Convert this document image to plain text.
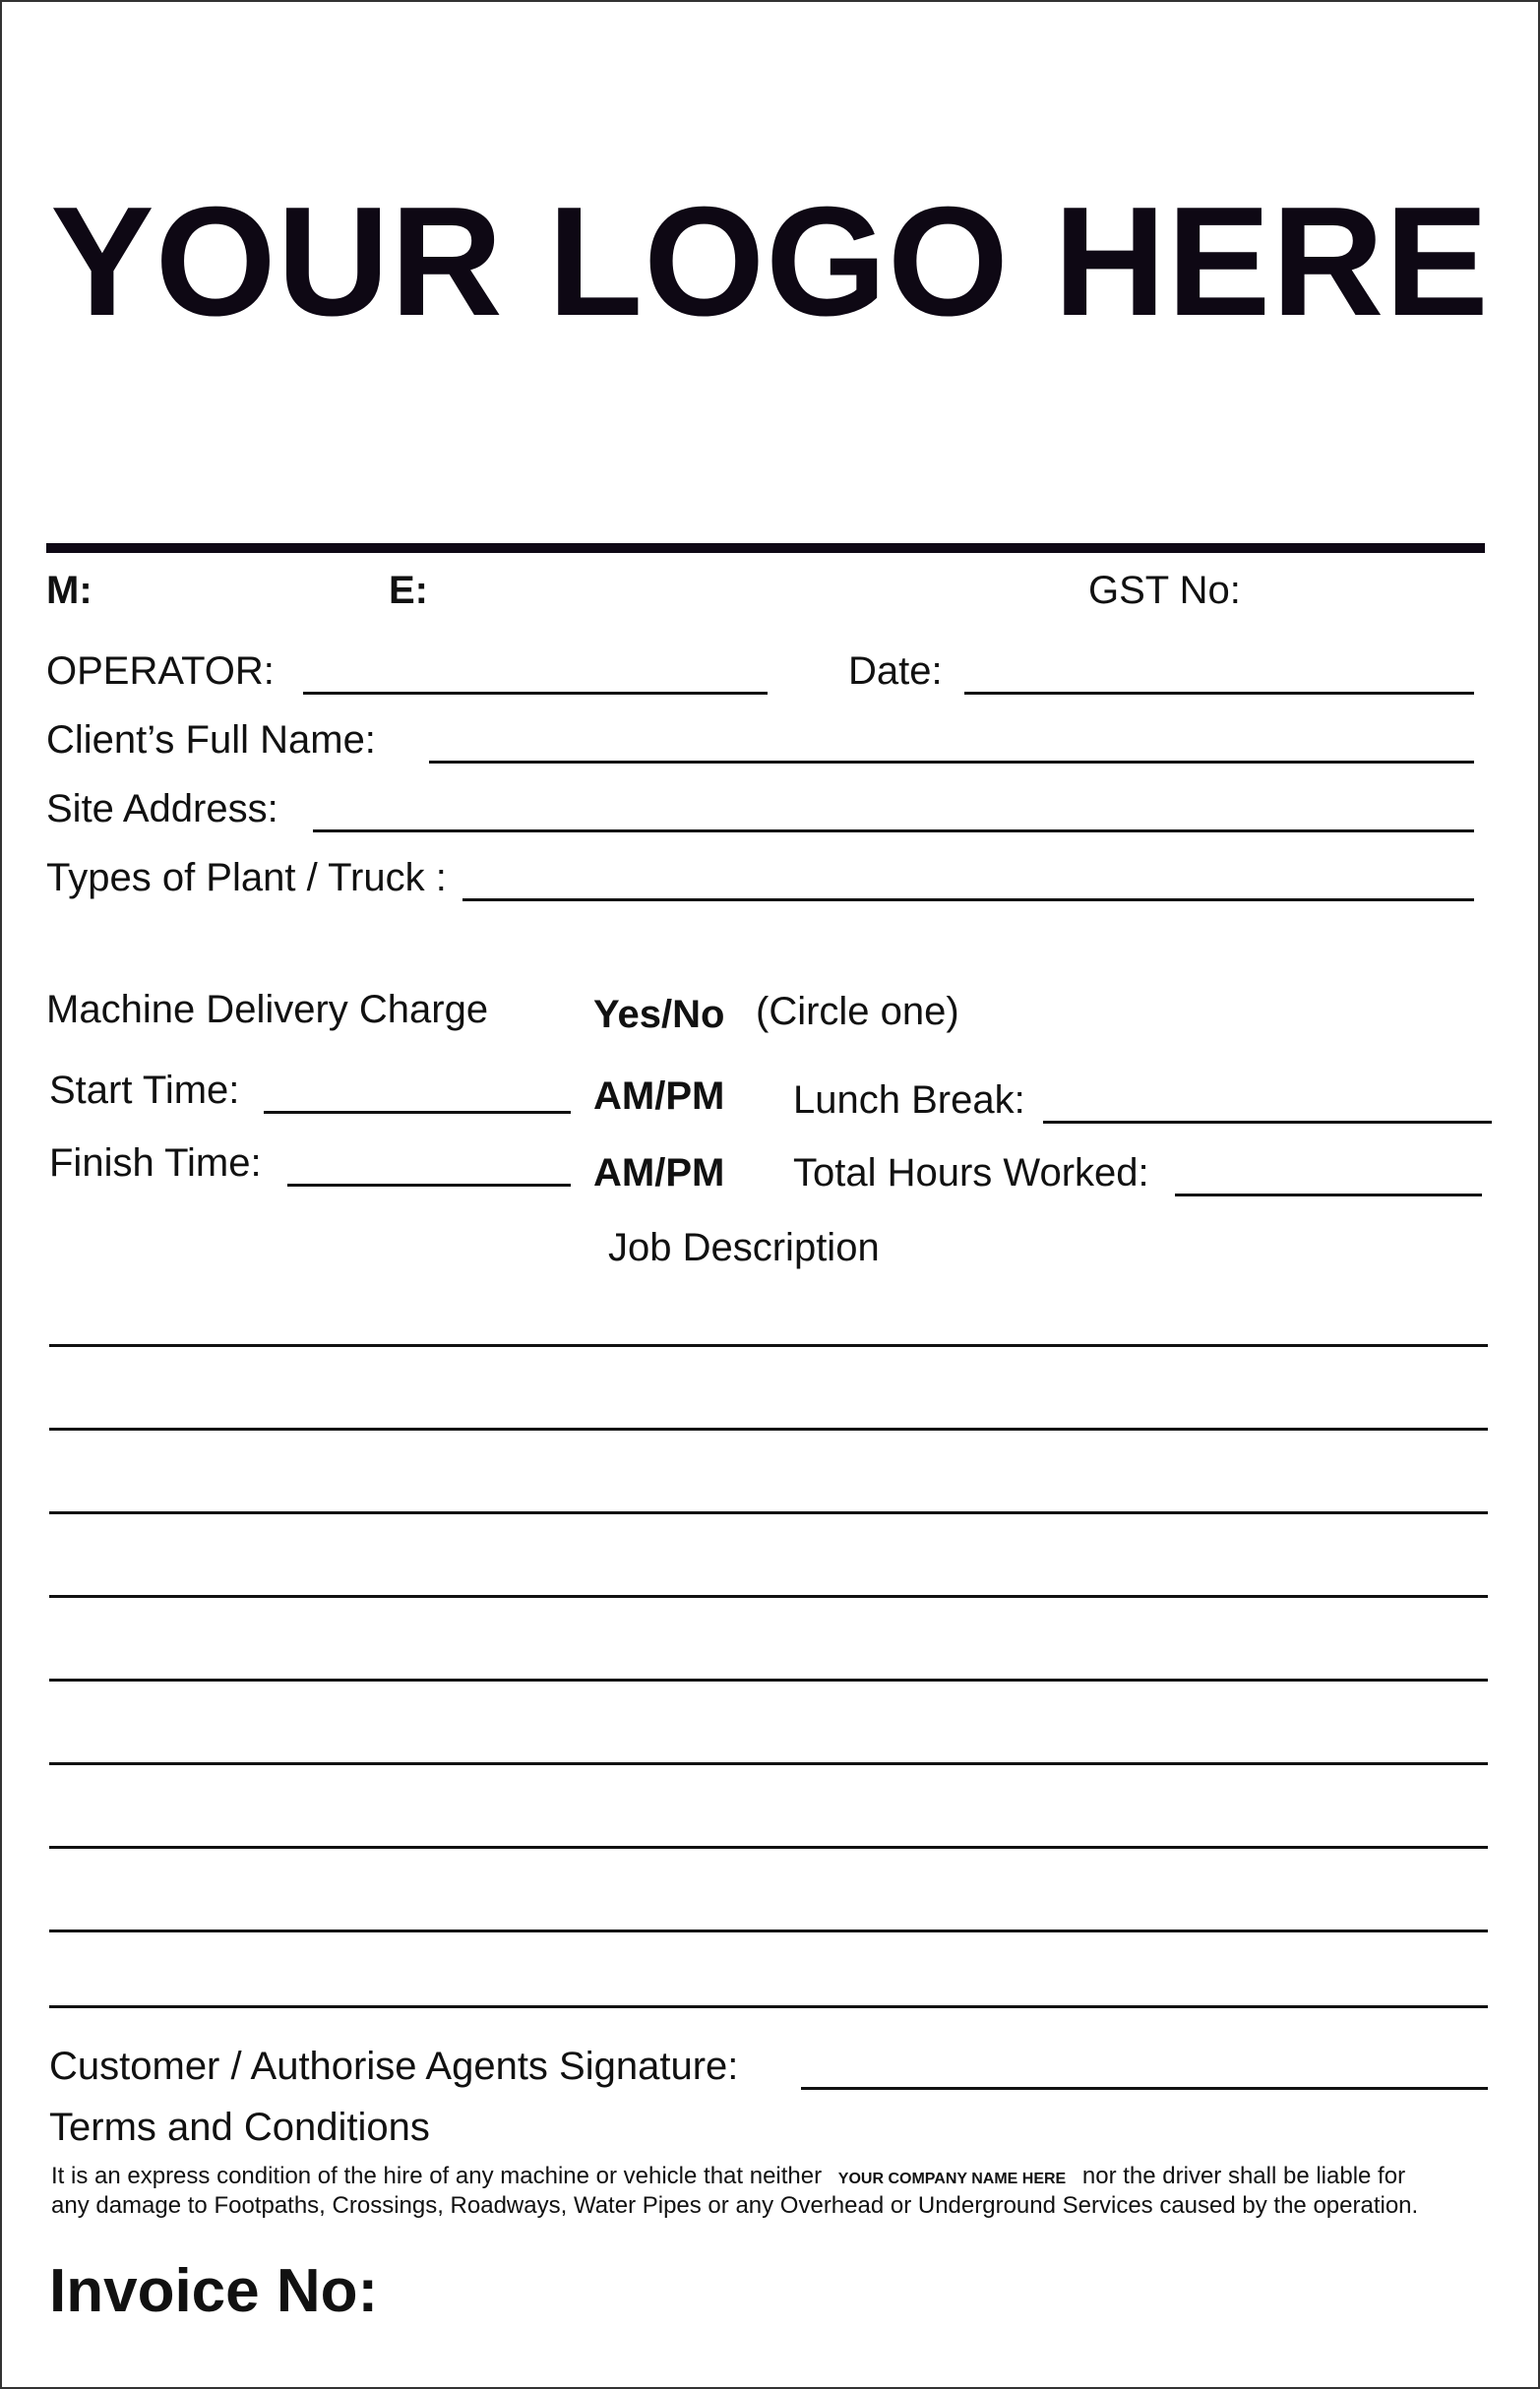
YOUR LOGO HERE
M:	E:	GST No:
OPERATOR:	Date:
Client’s Full Name:
Site Address:
Types of Plant / Truck :
Machine Delivery Charge	Yes/No (Circle one)
Start Time:	AM/PM Lunch Break:
Finish Time:	AM/PM Total Hours Worked:
Job Description
Customer / Authorise Agents Signature:
Terms and Conditions
It is an express condition of the hire of any machine or vehicle that neither YOUR COMPANY NAME HERE nor the driver shall be liable for
any damage to Footpaths, Crossings, Roadways, Water Pipes or any Overhead or Underground Services caused by the operation.
Invoice No:
